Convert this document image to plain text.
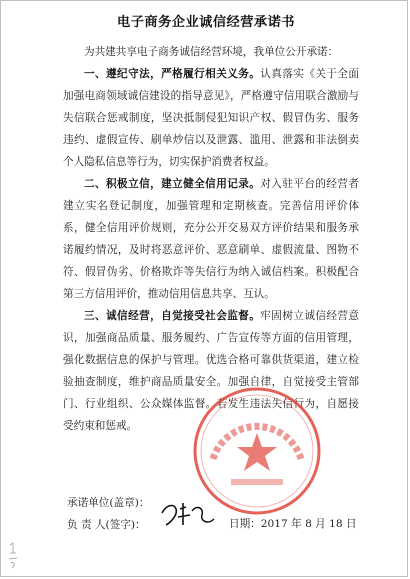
电子商务企业诚信经营承诺书

为共建共享电子商务诚信经营环境，我单位公开承诺：

一、遵纪守法，严格履行相关义务。认真落实《关于全面加强电商领域诚信建设的指导意见》，严格遵守信用联合激励与失信联合惩戒制度，坚决抵制侵犯知识产权、假冒伪劣、服务违约、虚假宣传、刷单炒信以及泄露、滥用、泄露和非法倒卖个人隐私信息等行为，切实保护消费者权益。

二、积极立信，建立健全信用记录。对入驻平台的经营者建立实名登记制度，加强管理和定期核查。完善信用评价体系，健全信用评价规则，充分公开交易双方评价结果和服务承诺履约情况，及时将恶意评价、恶意刷单、虚假流量、图物不符、假冒伪劣、价格欺诈等失信行为纳入诚信档案。积极配合第三方信用评价，推动信用信息共享、互认。

三、诚信经营，自觉接受社会监督。牢固树立诚信经营意识，加强商品质量、服务履约、广告宣传等方面的信用管理，强化数据信息的保护与管理。优选合格可靠供货渠道，建立检验抽查制度，维护商品质量安全。加强自律，自觉接受主管部门、行业组织、公众媒体监督。若发生违法失信行为，自愿接受约束和惩戒。

承诺单位(盖章)：
负 责 人(签字)：	日期：2017 年 8 月 18 日
